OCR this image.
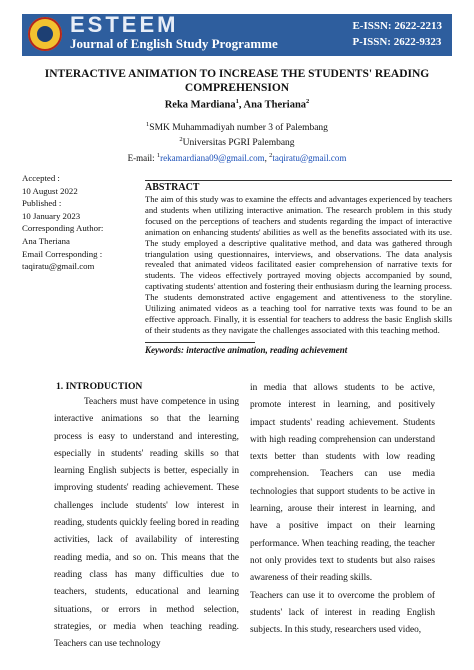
ESTEEM
Journal of English Study Programme
E-ISSN: 2622-2213
P-ISSN: 2622-9323
INTERACTIVE ANIMATION TO INCREASE THE STUDENTS' READING COMPREHENSION
Reka Mardiana$^1$, Ana Theriana$^2$
$^1$SMK Muhammadiyah number 3 of Palembang
$^2$Universitas PGRI Palembang
E-mail: $^1$rekamardiana09@gmail.com, $^2$taqiratu@gmail.com
Accepted :
10 August 2022
Published :
10 January 2023
Corresponding Author:
Ana Theriana
Email Corresponding :
taqiratu@gmail.com
ABSTRACT
The aim of this study was to examine the effects and advantages experienced by teachers and students when utilizing interactive animation. The research problem in this study focused on the perceptions of teachers and students regarding the impact of interactive animation on enhancing students' abilities as well as the benefits associated with its use. The study employed a descriptive qualitative method, and data was gathered through triangulation using questionnaires, interviews, and observations. The data analysis revealed that animated videos facilitated easier comprehension of narrative texts for students. The videos effectively portrayed moving objects accompanied by sound, captivating students' attention and fostering their enthusiasm during the learning process. The students demonstrated active engagement and attentiveness to the storyline. Utilizing animated videos as a teaching tool for narrative texts was found to be an effective approach. Finally, it is essential for teachers to address the basic English skills of their students as they navigate the challenges associated with this teaching method.
Keywords: interactive animation, reading achievement
1. INTRODUCTION
Teachers must have competence in using interactive animations so that the learning process is easy to understand and interesting, especially in students' reading skills so that learning English subjects is better, especially in improving students' reading achievement. These challenges include students' low interest in reading, students quickly feeling bored in reading activities, lack of availability of interesting reading media, and so on. This means that the reading class has many difficulties due to teachers, students, educational and learning situations, or errors in method selection, strategies, or media when teaching reading. Teachers can use technology
in media that allows students to be active, promote interest in learning, and positively impact students' reading achievement. Students with high reading comprehension can understand texts better than students with low reading comprehension. Teachers can use media technologies that support students to be active in learning, arouse their interest in learning, and have a positive impact on their learning performance. When teaching reading, the teacher not only provides text to students but also raises awareness of their reading skills.
Teachers can use it to overcome the problem of students' lack of interest in reading English subjects. In this study, researchers used video,
